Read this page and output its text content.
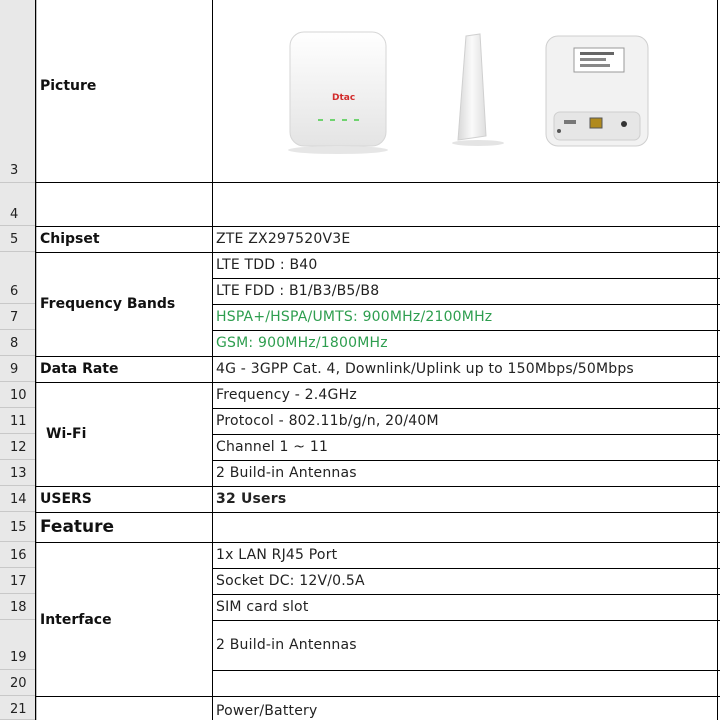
3
4
5
6
7
8
9
10
11
12
13
14
15
16
17
18
19
20
21
Picture
Chipset
Frequency Bands
Data Rate
Wi-Fi
USERS
Feature
Interface
Dtac
ZTE ZX297520V3E
LTE TDD : B40
LTE FDD : B1/B3/B5/B8
HSPA+/HSPA/UMTS: 900MHz/2100MHz
GSM: 900MHz/1800MHz
4G - 3GPP Cat. 4, Downlink/Uplink up to 150Mbps/50Mbps
Frequency - 2.4GHz
Protocol - 802.11b/g/n, 20/40M
Channel 1 ~ 11
2 Build-in Antennas
32 Users
1x LAN RJ45 Port
Socket DC: 12V/0.5A
SIM card slot
2 Build-in Antennas
Power/Battery
